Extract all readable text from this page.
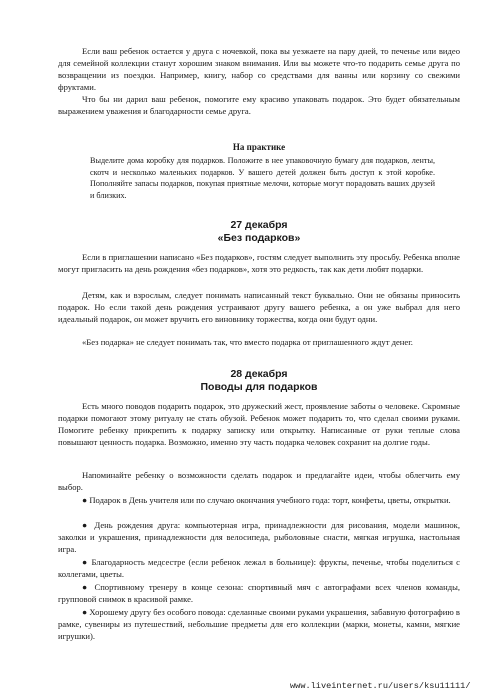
Если ваш ребенок остается у друга с ночевкой, пока вы уезжаете на пару дней, то печенье или видео для семейной коллекции станут хорошим знаком внимания. Или вы можете что-то подарить семье друга по возвращении из поездки. Например, книгу, набор со средствами для ванны или корзину со свежими фруктами.

Что бы ни дарил ваш ребенок, помогите ему красиво упаковать подарок. Это будет обязательным выражением уважения и благодарности семье друга.

На практике

Выделите дома коробку для подарков. Положите в нее упаковочную бумагу для подарков, ленты, скотч и несколько маленьких подарков. У вашего детей должен быть доступ к этой коробке. Пополняйте запасы подарков, покупая приятные мелочи, которые могут порадовать ваших друзей и близких.

27 декабря

«Без подарков»

Если в приглашении написано «Без подарков», гостям следует выполнить эту просьбу. Ребенка вполне могут пригласить на день рождения «без подарков», хотя это редкость, так как дети любят подарки.

Детям, как и взрослым, следует понимать написанный текст буквально. Они не обязаны приносить подарок. Но если такой день рождения устраивают другу вашего ребенка, а он уже выбрал для него идеальный подарок, он может вручить его виновнику торжества, когда они будут одни.

«Без подарка» не следует понимать так, что вместо подарка от приглашенного ждут денег.

28 декабря

Поводы для подарков

Есть много поводов подарить подарок, это дружеский жест, проявление заботы о человеке. Скромные подарки помогают этому ритуалу не стать обузой. Ребенок может подарить то, что сделал своими руками. Помогите ребенку прикрепить к подарку записку или открытку. Написанные от руки теплые слова повышают ценность подарка. Возможно, именно эту часть подарка человек сохранит на долгие годы.

Напоминайте ребенку о возможности сделать подарок и предлагайте идеи, чтобы облегчить ему выбор.

● Подарок в День учителя или по случаю окончания учебного года: торт, конфеты, цветы, открытки.

● День рождения друга: компьютерная игра, принадлежности для рисования, модели машинок, заколки и украшения, принадлежности для велосипеда, рыболовные снасти, мягкая игрушка, настольная игра.

● Благодарность медсестре (если ребенок лежал в больнице): фрукты, печенье, чтобы поделиться с коллегами, цветы.

● Спортивному тренеру в конце сезона: спортивный мяч с автографами всех членов команды, групповой снимок в красивой рамке.

● Хорошему другу без особого повода: сделанные своими руками украшения, забавную фотографию в рамке, сувениры из путешествий, небольшие предметы для его коллекции (марки, монеты, камни, мягкие игрушки).

www.liveinternet.ru/users/ksu11111/
